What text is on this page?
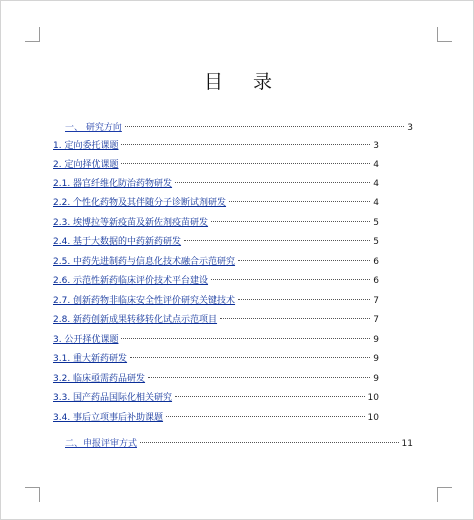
目 录
一、 研究方向	3
1. 定向委托课题	3
2. 定向择优课题	4
2.1. 器官纤维化防治药物研发	4
2.2. 个性化药物及其伴随分子诊断试剂研发	4
2.3. 埃博拉等新疫苗及新佐剂疫苗研发	5
2.4. 基于大数据的中药新药研发	5
2.5. 中药先进制药与信息化技术融合示范研究	6
2.6. 示范性新药临床评价技术平台建设	6
2.7. 创新药物非临床安全性评价研究关键技术	7
2.8. 新药创新成果转移转化试点示范项目	7
3. 公开择优课题	9
3.1. 重大新药研发	9
3.2. 临床亟需药品研发	9
3.3. 国产药品国际化相关研究	10
3.4. 事后立项事后补助课题	10
二、申报评审方式	11
